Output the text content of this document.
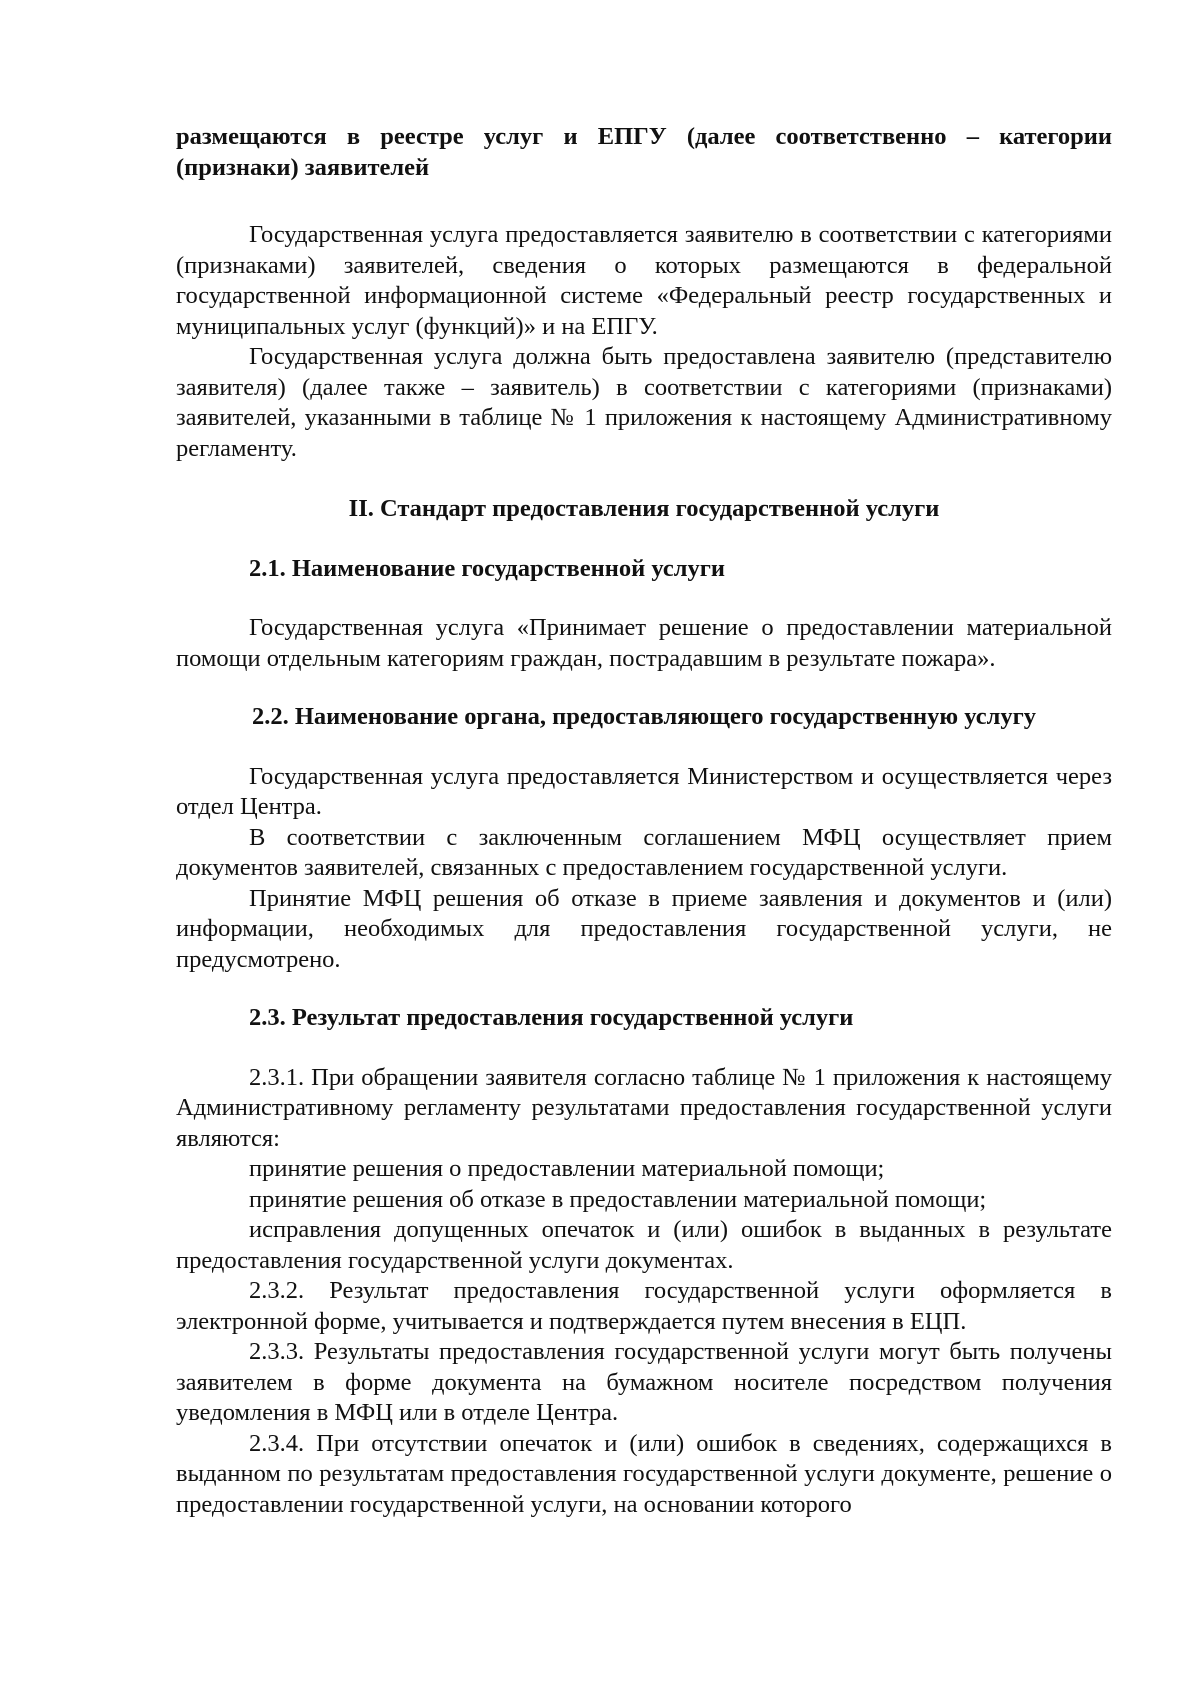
размещаются в реестре услуг и ЕПГУ (далее соответственно – категории (признаки) заявителей

Государственная услуга предоставляется заявителю в соответствии с категориями (признаками) заявителей, сведения о которых размещаются в федеральной государственной информационной системе «Федеральный реестр государственных и муниципальных услуг (функций)» и на ЕПГУ.

Государственная услуга должна быть предоставлена заявителю (представителю заявителя) (далее также – заявитель) в соответствии с категориями (признаками) заявителей, указанными в таблице № 1 приложения к настоящему Административному регламенту.

II. Стандарт предоставления государственной услуги

2.1. Наименование государственной услуги

Государственная услуга «Принимает решение о предоставлении материальной помощи отдельным категориям граждан, пострадавшим в результате пожара».

2.2. Наименование органа, предоставляющего государственную услугу

Государственная услуга предоставляется Министерством и осуществляется через отдел Центра.

В соответствии с заключенным соглашением МФЦ осуществляет прием документов заявителей, связанных с предоставлением государственной услуги.

Принятие МФЦ решения об отказе в приеме заявления и документов и (или) информации, необходимых для предоставления государственной услуги, не предусмотрено.

2.3. Результат предоставления государственной услуги

2.3.1. При обращении заявителя согласно таблице № 1 приложения к настоящему Административному регламенту результатами предоставления государственной услуги являются:

принятие решения о предоставлении материальной помощи;

принятие решения об отказе в предоставлении материальной помощи;

исправления допущенных опечаток и (или) ошибок в выданных в результате предоставления государственной услуги документах.

2.3.2. Результат предоставления государственной услуги оформляется в электронной форме, учитывается и подтверждается путем внесения в ЕЦП.

2.3.3. Результаты предоставления государственной услуги могут быть получены заявителем в форме документа на бумажном носителе посредством получения уведомления в МФЦ или в отделе Центра.

2.3.4. При отсутствии опечаток и (или) ошибок в сведениях, содержащихся в выданном по результатам предоставления государственной услуги документе, решение о предоставлении государственной услуги, на основании которого
